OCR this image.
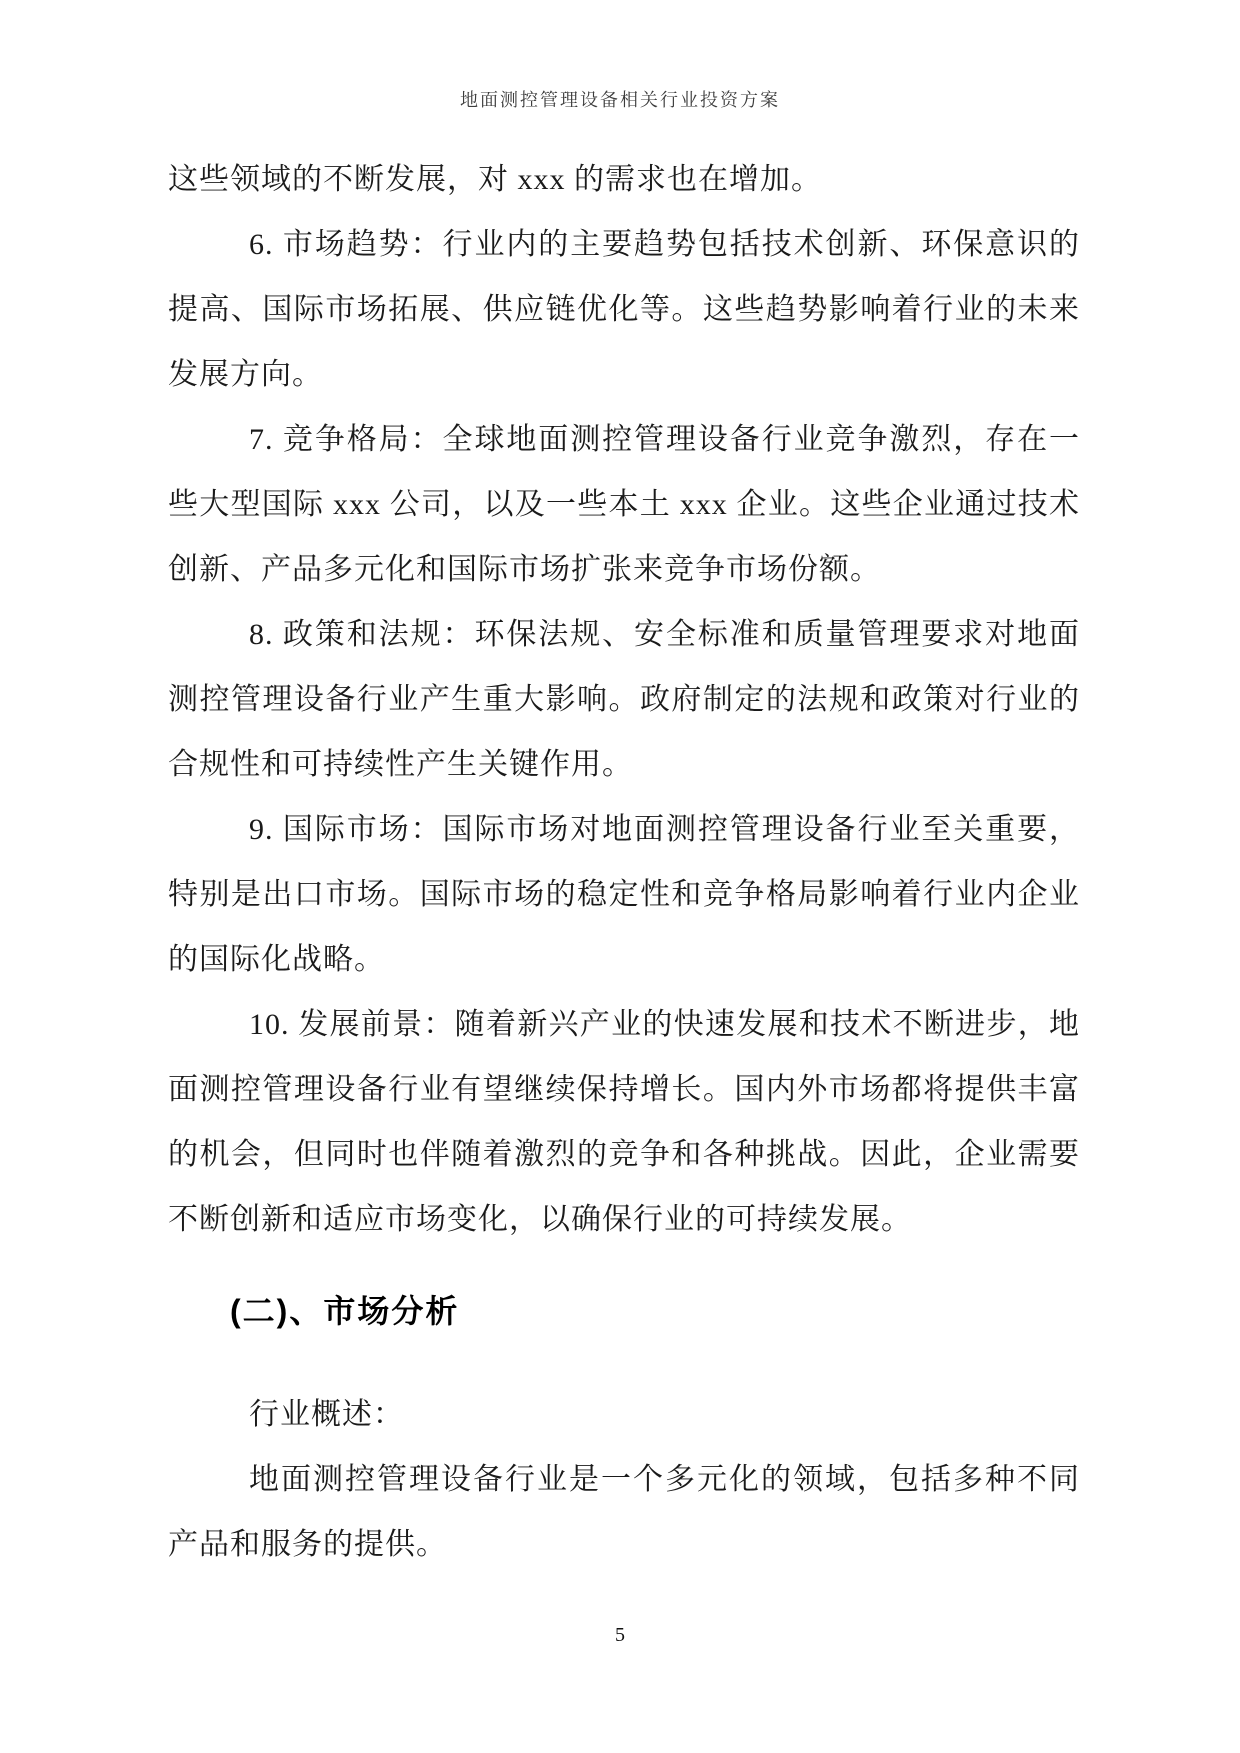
地面测控管理设备相关行业投资方案

这些领域的不断发展，对 xxx 的需求也在增加。

6. 市场趋势：行业内的主要趋势包括技术创新、环保意识的提高、国际市场拓展、供应链优化等。这些趋势影响着行业的未来发展方向。

7. 竞争格局：全球地面测控管理设备行业竞争激烈，存在一些大型国际 xxx 公司，以及一些本土 xxx 企业。这些企业通过技术创新、产品多元化和国际市场扩张来竞争市场份额。

8. 政策和法规：环保法规、安全标准和质量管理要求对地面测控管理设备行业产生重大影响。政府制定的法规和政策对行业的合规性和可持续性产生关键作用。

9. 国际市场：国际市场对地面测控管理设备行业至关重要，特别是出口市场。国际市场的稳定性和竞争格局影响着行业内企业的国际化战略。

10. 发展前景：随着新兴产业的快速发展和技术不断进步，地面测控管理设备行业有望继续保持增长。国内外市场都将提供丰富的机会，但同时也伴随着激烈的竞争和各种挑战。因此，企业需要不断创新和适应市场变化，以确保行业的可持续发展。

(二)、市场分析

行业概述：

地面测控管理设备行业是一个多元化的领域，包括多种不同产品和服务的提供。

5
